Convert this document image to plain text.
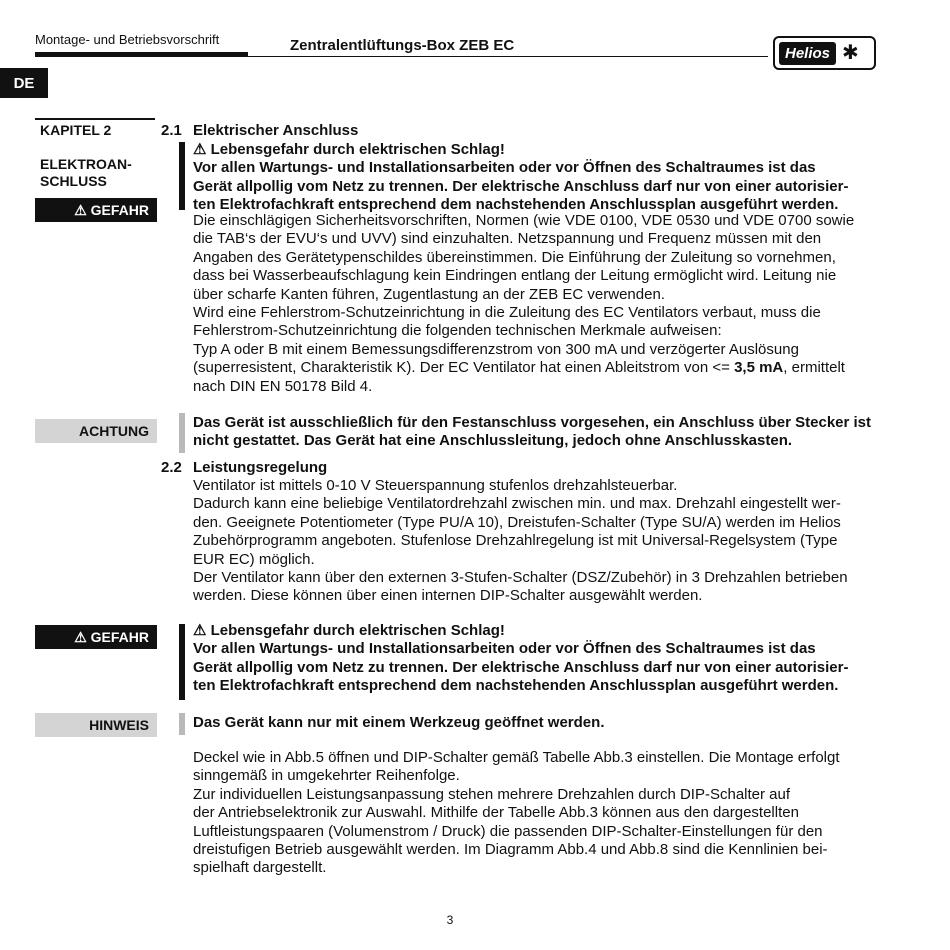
Montage- und Betriebsvorschrift	Zentralentlüftungs-Box ZEB EC	Helios ✱
DE
KAPITEL 2
ELEKTROAN-
SCHLUSS
2.1 Elektrischer Anschluss
⚠
GEFAHR
⚠ Lebensgefahr durch elektrischen Schlag!
Vor allen Wartungs- und Installationsarbeiten oder vor Öffnen des Schaltraumes ist das
Gerät allpollig vom Netz zu trennen. Der elektrische Anschluss darf nur von einer autorisier-
ten Elektrofachkraft entsprechend dem nachstehenden Anschlussplan ausgeführt werden.
Die einschlägigen Sicherheitsvorschriften, Normen (wie VDE 0100, VDE 0530 und VDE 0700 sowie
die TAB‘s der EVU‘s und UVV) sind einzuhalten. Netzspannung und Frequenz müssen mit den
Angaben des Gerätetypenschildes übereinstimmen. Die Einführung der Zuleitung so vornehmen,
dass bei Wasserbeaufschlagung kein Eindringen entlang der Leitung ermöglicht wird. Leitung nie
über scharfe Kanten führen, Zugentlastung an der ZEB EC verwenden.
Wird eine Fehlerstrom-Schutzeinrichtung in die Zuleitung des EC Ventilators verbaut, muss die
Fehlerstrom-Schutzeinrichtung die folgenden technischen Merkmale aufweisen:
Typ A oder B mit einem Bemessungsdifferenzstrom von 300 mA und verzögerter Auslösung
(superresistent, Charakteristik K). Der EC Ventilator hat einen Ableitstrom von <= 3,5 mA, ermittelt
nach DIN EN 50178 Bild 4.
ACHTUNG	Das Gerät ist ausschließlich für den Festanschluss vorgesehen, ein Anschluss über Stecker ist
nicht gestattet. Das Gerät hat eine Anschlussleitung, jedoch ohne Anschlusskasten.
2.2 Leistungsregelung
Ventilator ist mittels 0-10 V Steuerspannung stufenlos drehzahlsteuerbar.
Dadurch kann eine beliebige Ventilatordrehzahl zwischen min. und max. Drehzahl eingestellt wer-
den. Geeignete Potentiometer (Type PU/A 10), Dreistufen-Schalter (Type SU/A) werden im Helios
Zubehörprogramm angeboten. Stufenlose Drehzahlregelung ist mit Universal-Regelsystem (Type
EUR EC) möglich.
Der Ventilator kann über den externen 3-Stufen-Schalter (DSZ/Zubehör) in 3 Drehzahlen betrieben
werden. Diese können über einen internen DIP-Schalter ausgewählt werden.
⚠
GEFAHR	⚠ Lebensgefahr durch elektrischen Schlag!
Vor allen Wartungs- und Installationsarbeiten oder vor Öffnen des Schaltraumes ist das
Gerät allpollig vom Netz zu trennen. Der elektrische Anschluss darf nur von einer autorisier-
ten Elektrofachkraft entsprechend dem nachstehenden Anschlussplan ausgeführt werden.
HINWEIS	Das Gerät kann nur mit einem Werkzeug geöffnet werden.
Deckel wie in Abb.5 öffnen und DIP-Schalter gemäß Tabelle Abb.3 einstellen. Die Montage erfolgt
sinngemäß in umgekehrter Reihenfolge.
Zur individuellen Leistungsanpassung stehen mehrere Drehzahlen durch DIP-Schalter auf
der Antriebselektronik zur Auswahl. Mithilfe der Tabelle Abb.3 können aus den dargestellten
Luftleistungspaaren (Volumenstrom / Druck) die passenden DIP-Schalter-Einstellungen für den
dreistufigen Betrieb ausgewählt werden. Im Diagramm Abb.4 und Abb.8 sind die Kennlinien bei-
spielhaft dargestellt.
3
